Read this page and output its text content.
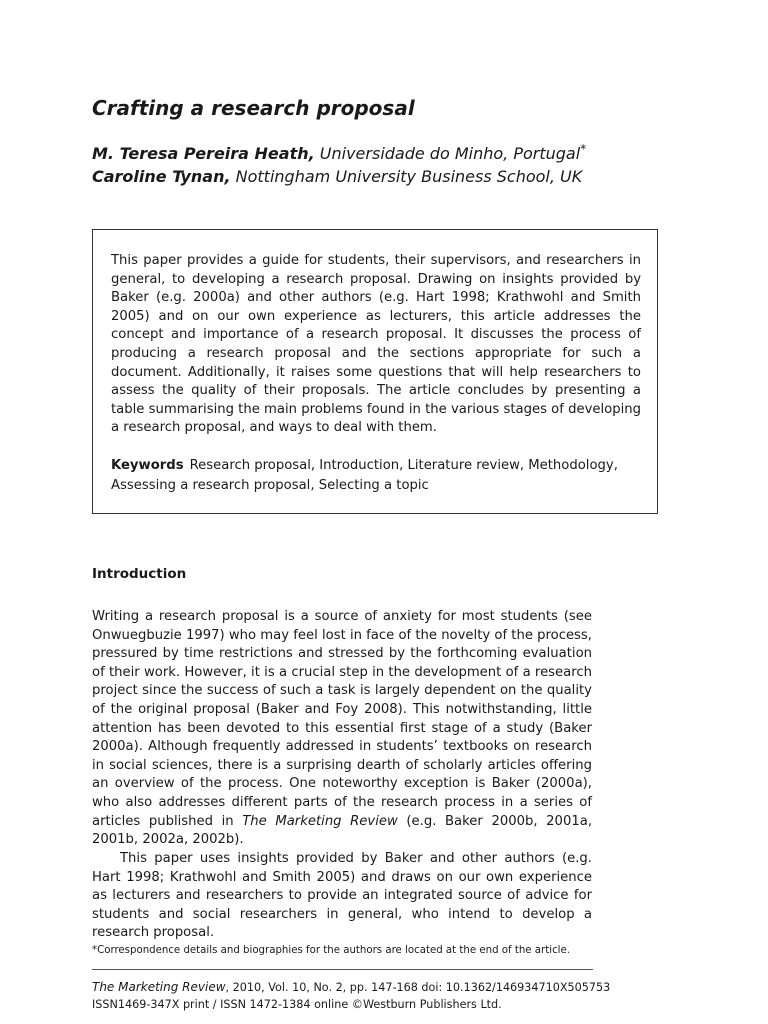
Crafting a research proposal
M. Teresa Pereira Heath, Universidade do Minho, Portugal*
Caroline Tynan, Nottingham University Business School, UK

This paper provides a guide for students, their supervisors, and researchers in general, to developing a research proposal. Drawing on insights provided by Baker (e.g. 2000a) and other authors (e.g. Hart 1998; Krathwohl and Smith 2005) and on our own experience as lecturers, this article addresses the concept and importance of a research proposal. It discusses the process of producing a research proposal and the sections appropriate for such a document. Additionally, it raises some questions that will help researchers to assess the quality of their proposals. The article concludes by presenting a table summarising the main problems found in the various stages of developing a research proposal, and ways to deal with them.

Keywords Research proposal, Introduction, Literature review, Methodology, Assessing a research proposal, Selecting a topic

Introduction

Writing a research proposal is a source of anxiety for most students (see Onwuegbuzie 1997) who may feel lost in face of the novelty of the process, pressured by time restrictions and stressed by the forthcoming evaluation of their work. However, it is a crucial step in the development of a research project since the success of such a task is largely dependent on the quality of the original proposal (Baker and Foy 2008). This notwithstanding, little attention has been devoted to this essential first stage of a study (Baker 2000a). Although frequently addressed in students’ textbooks on research in social sciences, there is a surprising dearth of scholarly articles offering an overview of the process. One noteworthy exception is Baker (2000a), who also addresses different parts of the research process in a series of articles published in The Marketing Review (e.g. Baker 2000b, 2001a, 2001b, 2002a, 2002b).

This paper uses insights provided by Baker and other authors (e.g. Hart 1998; Krathwohl and Smith 2005) and draws on our own experience as lecturers and researchers to provide an integrated source of advice for students and social researchers in general, who intend to develop a research proposal.

*Correspondence details and biographies for the authors are located at the end of the article.

The Marketing Review, 2010, Vol. 10, No. 2, pp. 147-168 doi: 10.1362/146934710X505753

ISSN1469-347X print / ISSN 1472-1384 online ©Westburn Publishers Ltd.
